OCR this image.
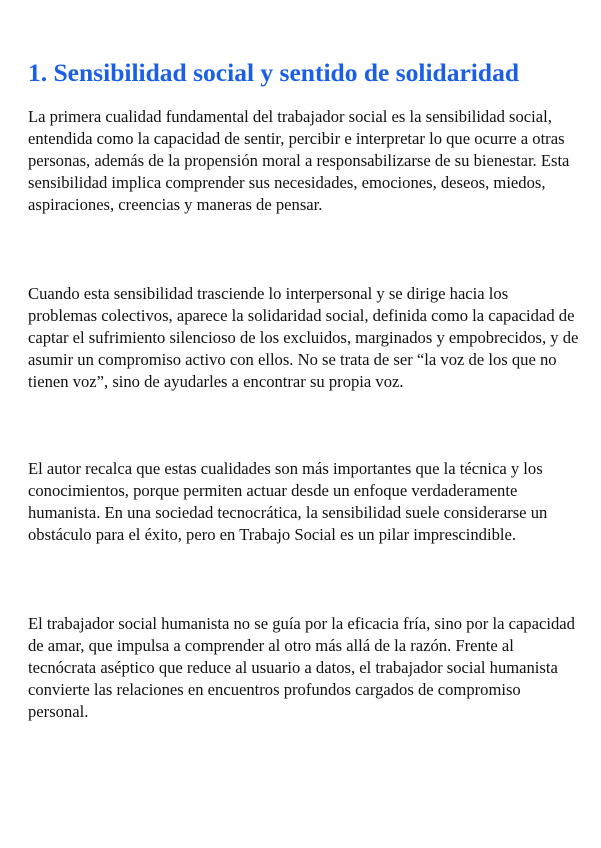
1. Sensibilidad social y sentido de solidaridad

La primera cualidad fundamental del trabajador social es la sensibilidad social, entendida como la capacidad de sentir, percibir e interpretar lo que ocurre a otras personas, además de la propensión moral a responsabilizarse de su bienestar. Esta sensibilidad implica comprender sus necesidades, emociones, deseos, miedos, aspiraciones, creencias y maneras de pensar.

Cuando esta sensibilidad trasciende lo interpersonal y se dirige hacia los problemas colectivos, aparece la solidaridad social, definida como la capacidad de captar el sufrimiento silencioso de los excluidos, marginados y empobrecidos, y de asumir un compromiso activo con ellos. No se trata de ser “la voz de los que no tienen voz”, sino de ayudarles a encontrar su propia voz.

El autor recalca que estas cualidades son más importantes que la técnica y los conocimientos, porque permiten actuar desde un enfoque verdaderamente humanista. En una sociedad tecnocrática, la sensibilidad suele considerarse un obstáculo para el éxito, pero en Trabajo Social es un pilar imprescindible.

El trabajador social humanista no se guía por la eficacia fría, sino por la capacidad de amar, que impulsa a comprender al otro más allá de la razón. Frente al tecnócrata aséptico que reduce al usuario a datos, el trabajador social humanista convierte las relaciones en encuentros profundos cargados de compromiso personal.
